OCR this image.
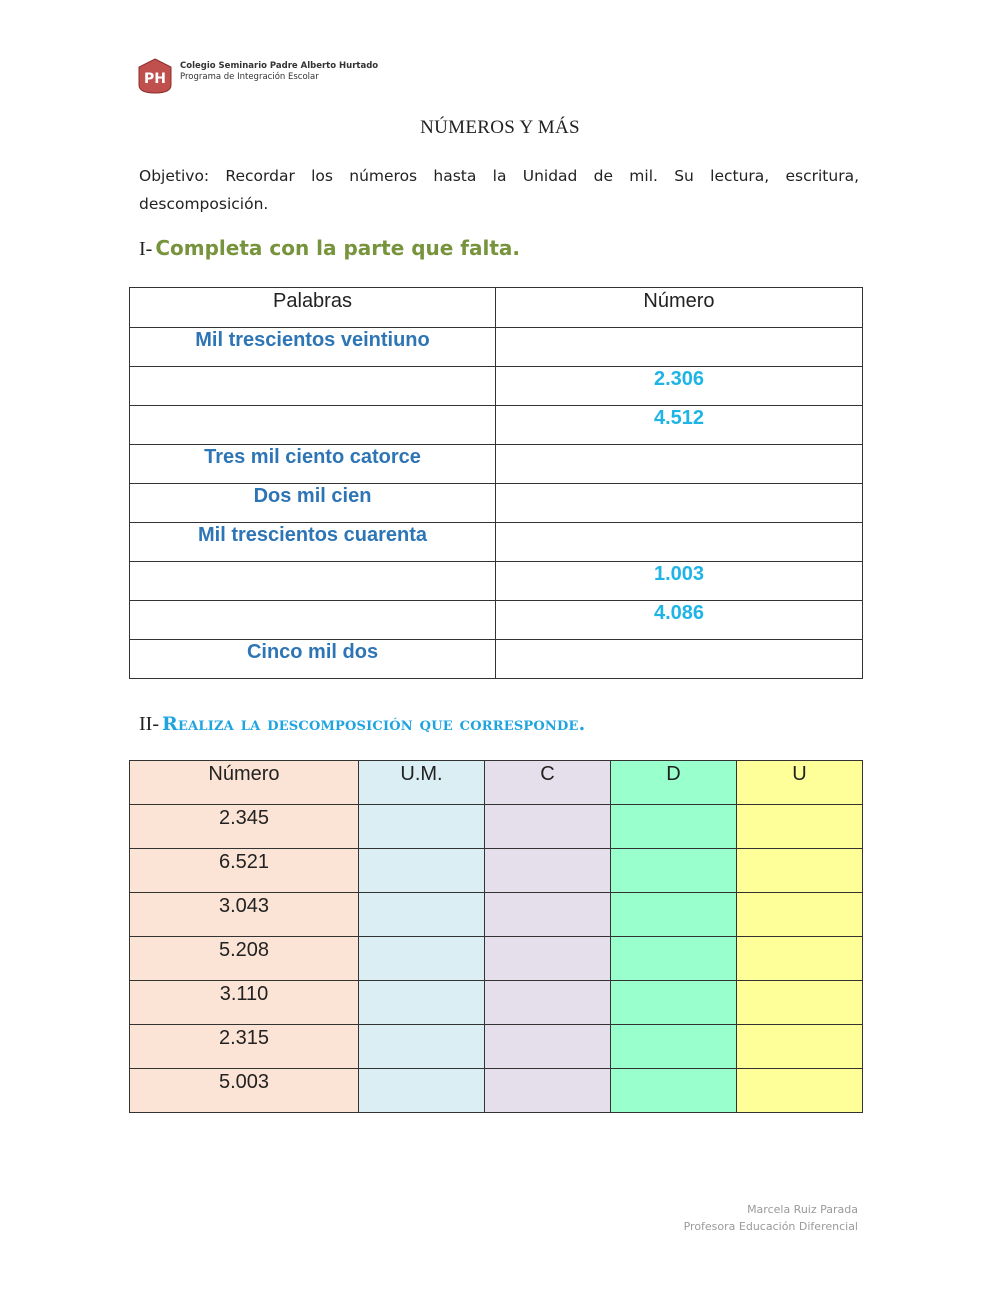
PH
Colegio Seminario Padre Alberto Hurtado
Programa de Integración Escolar
NÚMEROS Y MÁS
Objetivo: Recordar los números hasta la Unidad de mil. Su lectura, escritura, descomposición.
I- Completa con la parte que falta.
Palabras	Número
Mil trescientos veintiuno	
	2.306
	4.512
Tres mil ciento catorce	
Dos mil cien	
Mil trescientos cuarenta	
	1.003
	4.086
Cinco mil dos	
II- Realiza la descomposición que corresponde.
Número	U.M.	C	D	U
2.345				
6.521				
3.043				
5.208				
3.110				
2.315				
5.003				
Marcela Ruiz Parada
Profesora Educación Diferencial
